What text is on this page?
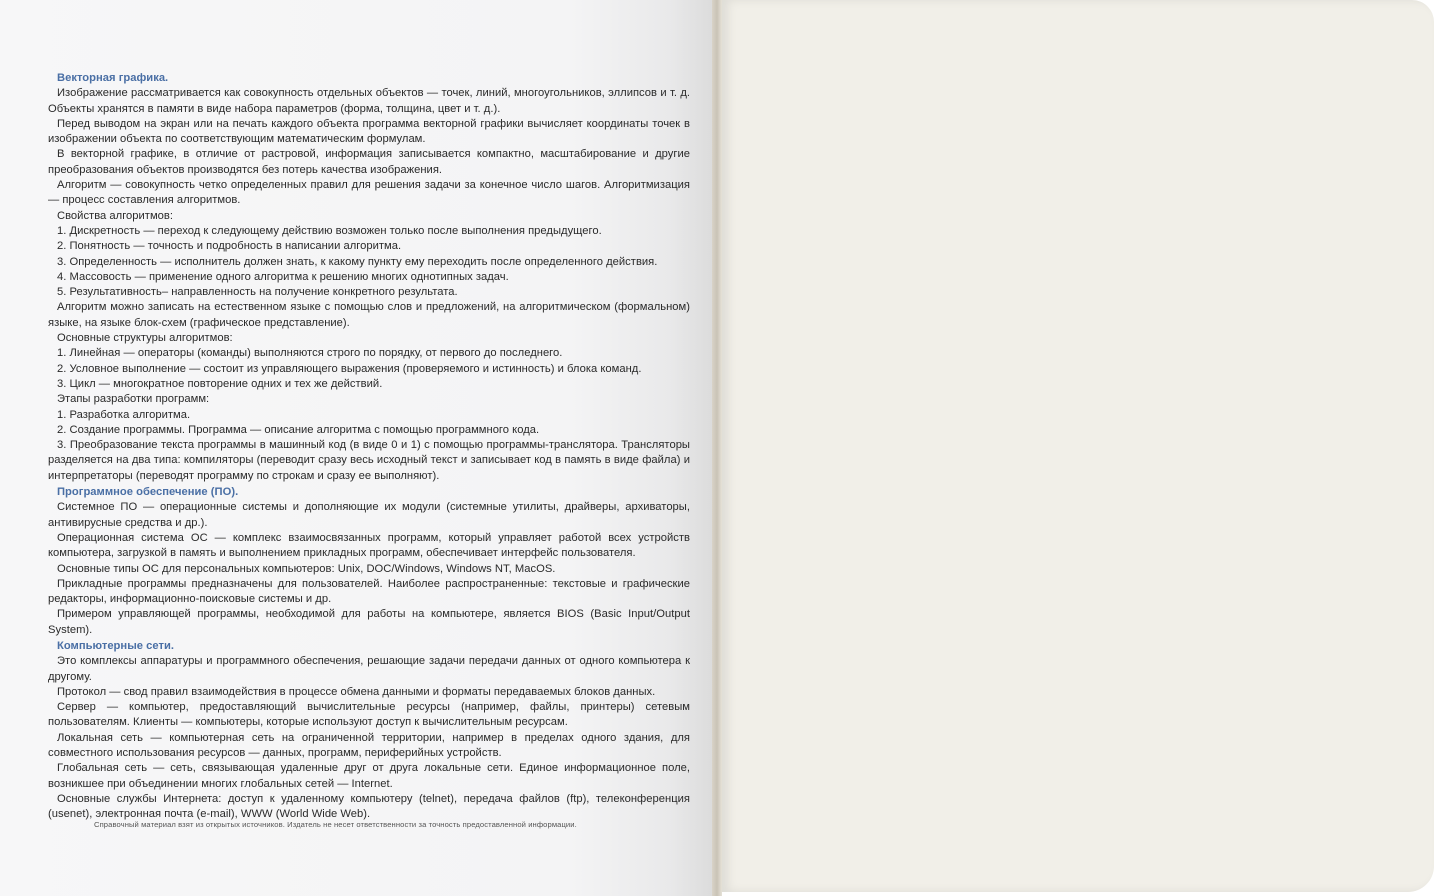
Векторная графика.
Изображение рассматривается как совокупность отдельных объектов — точек, линий, многоугольников, эллипсов и т. д. Объекты хранятся в памяти в виде набора параметров (форма, толщина, цвет и т. д.).
Перед выводом на экран или на печать каждого объекта программа векторной графики вычисляет координаты точек в изображении объекта по соответствующим математическим формулам.
В векторной графике, в отличие от растровой, информация записывается компактно, масштабирование и другие преобразования объектов производятся без потерь качества изображения.
Алгоритм — совокупность четко определенных правил для решения задачи за конечное число шагов. Алгоритмизация — процесс составления алгоритмов.
Свойства алгоритмов:
1. Дискретность — переход к следующему действию возможен только после выполнения предыдущего.
2. Понятность — точность и подробность в написании алгоритма.
3. Определенность — исполнитель должен знать, к какому пункту ему переходить после определенного действия.
4. Массовость — применение одного алгоритма к решению многих однотипных задач.
5. Результативность– направленность на получение конкретного результата.
Алгоритм можно записать на естественном языке с помощью слов и предложений, на алгоритмическом (формальном) языке, на языке блок-схем (графическое представление).
Основные структуры алгоритмов:
1. Линейная — операторы (команды) выполняются строго по порядку, от первого до последнего.
2. Условное выполнение — состоит из управляющего выражения (проверяемого и истинность) и блока команд.
3. Цикл — многократное повторение одних и тех же действий.
Этапы разработки программ:
1. Разработка алгоритма.
2. Создание программы. Программа — описание алгоритма с помощью программного кода.
3. Преобразование текста программы в машинный код (в виде 0 и 1) с помощью программы-транслятора. Трансляторы разделяется на два типа: компиляторы (переводит сразу весь исходный текст и записывает код в память в виде файла) и интерпретаторы (переводят программу по строкам и сразу ее выполняют).
Программное обеспечение (ПО).
Системное ПО — операционные системы и дополняющие их модули (системные утилиты, драйверы, архиваторы, антивирусные средства и др.).
Операционная система ОС — комплекс взаимосвязанных программ, который управляет работой всех устройств компьютера, загрузкой в память и выполнением прикладных программ, обеспечивает интерфейс пользователя.
Основные типы ОС для персональных компьютеров: Unix, DOC/Windows, Windows NT, MacOS.
Прикладные программы предназначены для пользователей. Наиболее распространенные: текстовые и графические редакторы, информационно-поисковые системы и др.
Примером управляющей программы, необходимой для работы на компьютере, является BIOS (Basic Input/Output System).
Компьютерные сети.
Это комплексы аппаратуры и программного обеспечения, решающие задачи передачи данных от одного компьютера к другому.
Протокол — свод правил взаимодействия в процессе обмена данными и форматы передаваемых блоков данных.
Сервер — компьютер, предоставляющий вычислительные ресурсы (например, файлы, принтеры) сетевым пользователям. Клиенты — компьютеры, которые используют доступ к вычислительным ресурсам.
Локальная сеть — компьютерная сеть на ограниченной территории, например в пределах одного здания, для совместного использования ресурсов — данных, программ, периферийных устройств.
Глобальная сеть — сеть, связывающая удаленные друг от друга локальные сети. Единое информационное поле, возникшее при объединении многих глобальных сетей — Internet.
Основные службы Интернета: доступ к удаленному компьютеру (telnet), передача файлов (ftp), телеконференция (usenet), электронная почта (e-mail), WWW (World Wide Web).
Справочный материал взят из открытых источников. Издатель не несет ответственности за точность предоставленной информации.
